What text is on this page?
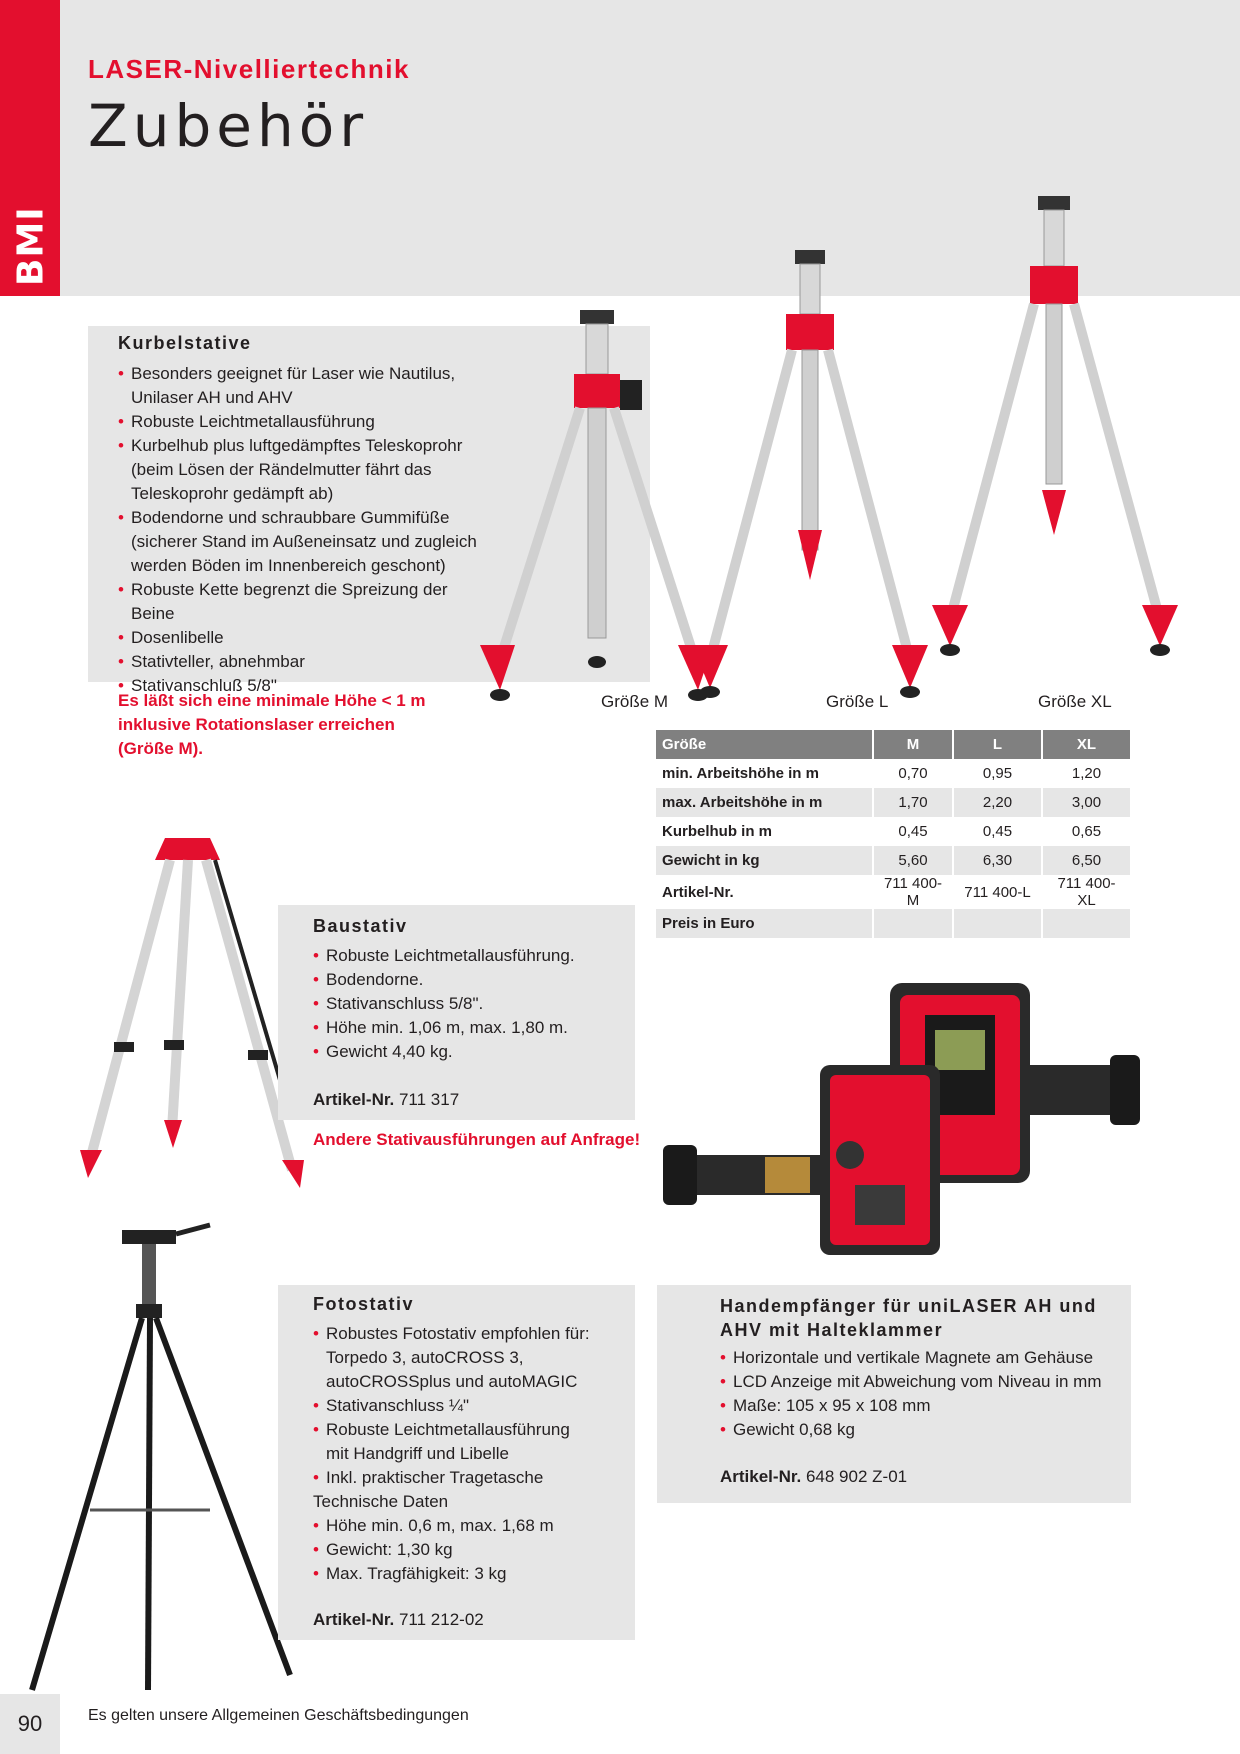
BMI
LASER-Nivelliertechnik
Zubehör
Kurbelstative
• Besonders geeignet für Laser wie Nautilus, Unilaser AH und AHV
• Robuste Leichtmetallausführung
• Kurbelhub plus luftgedämpftes Teleskoprohr (beim Lösen der Rändelmutter fährt das Teleskoprohr gedämpft ab)
• Bodendorne und schraubbare Gummifüße (sicherer Stand im Außeneinsatz und zugleich werden Böden im Innenbereich geschont)
• Robuste Kette begrenzt die Spreizung der Beine
• Dosenlibelle
• Stativteller, abnehmbar
• Stativanschluß 5/8"
Es läßt sich eine minimale Höhe < 1 m inklusive Rotationslaser erreichen (Größe M).
Größe M	Größe L	Größe XL
Größe	M	L	XL
min. Arbeitshöhe in m	0,70	0,95	1,20
max. Arbeitshöhe in m	1,70	2,20	3,00
Kurbelhub in m	0,45	0,45	0,65
Gewicht in kg	5,60	6,30	6,50
Artikel-Nr.	711 400-M	711 400-L	711 400-XL
Preis in Euro			
Baustativ
• Robuste Leichtmetallausführung.
• Bodendorne.
• Stativanschluss 5/8".
• Höhe min. 1,06 m, max. 1,80 m.
• Gewicht 4,40 kg.
Artikel-Nr. 711 317
Andere Stativausführungen auf Anfrage!
Fotostativ
• Robustes Fotostativ empfohlen für: Torpedo 3, autoCROSS 3, autoCROSSplus und autoMAGIC
• Stativanschluss ¼"
• Robuste Leichtmetallausführung mit Handgriff und Libelle
• Inkl. praktischer Tragetasche
Technische Daten
• Höhe min. 0,6 m, max. 1,68 m
• Gewicht: 1,30 kg
• Max. Tragfähigkeit: 3 kg
Artikel-Nr. 711 212-02
Handempfänger für uniLASER AH und AHV mit Halteklammer
• Horizontale und vertikale Magnete am Gehäuse
• LCD Anzeige mit Abweichung vom Niveau in mm
• Maße: 105 x 95 x 108 mm
• Gewicht 0,68 kg
Artikel-Nr. 648 902 Z-01
90	Es gelten unsere Allgemeinen Geschäftsbedingungen
